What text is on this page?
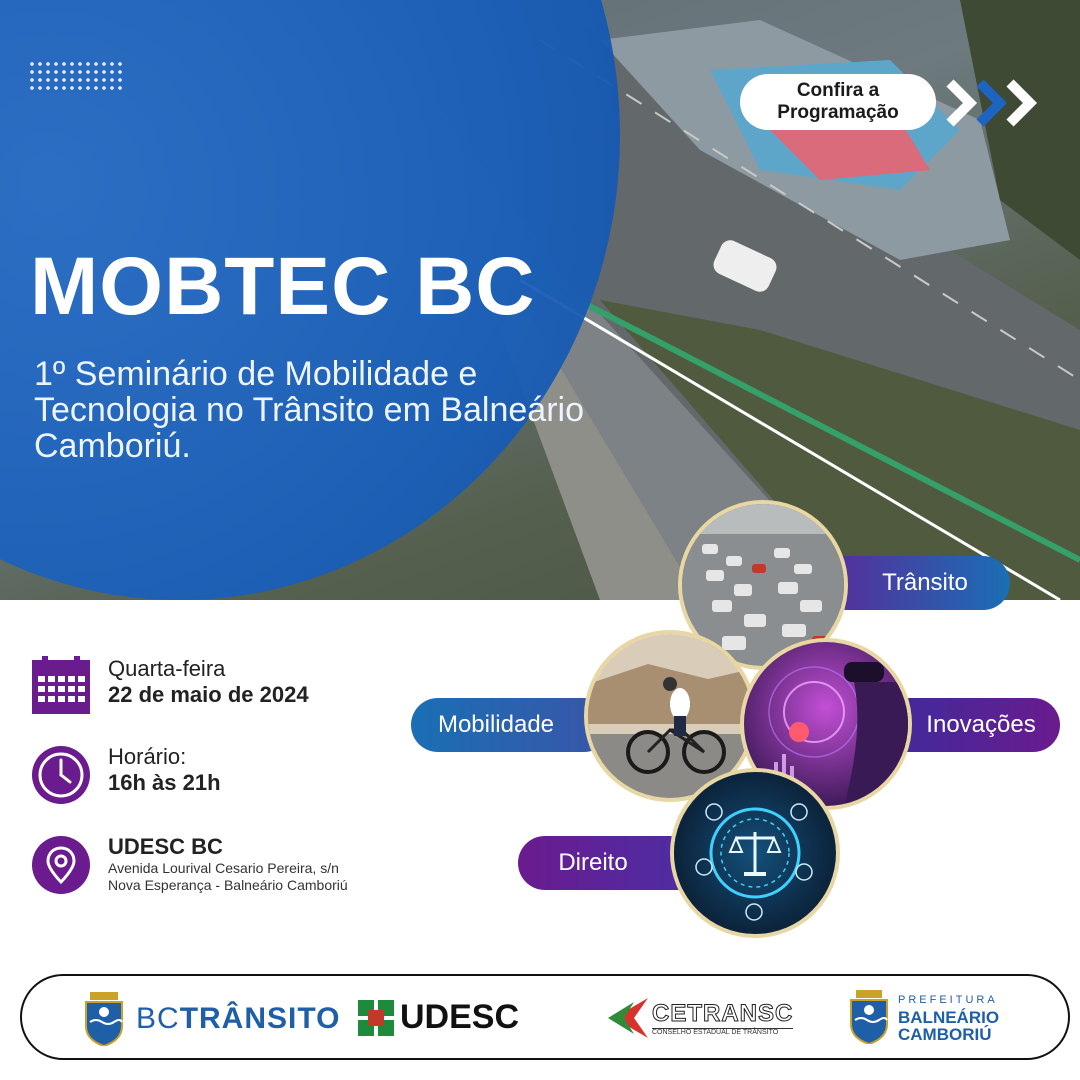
MOBTEC BC
1º Seminário de Mobilidade e Tecnologia no Trânsito em Balneário Camboriú.
Confira a
Programação
Quarta-feira
22 de maio de 2024
Horário:
16h às 21h
UDESC BC
Avenida Lourival Cesario Pereira, s/n
Nova Esperança - Balneário Camboriú
Trânsito
Mobilidade	Inovações
Direito
BCTRÂNSITO UDESC	CETRANSC
CONSELHO ESTADUAL DE TRÂNSITO
PREFEITURA
BALNEÁRIO
CAMBORIÚ
